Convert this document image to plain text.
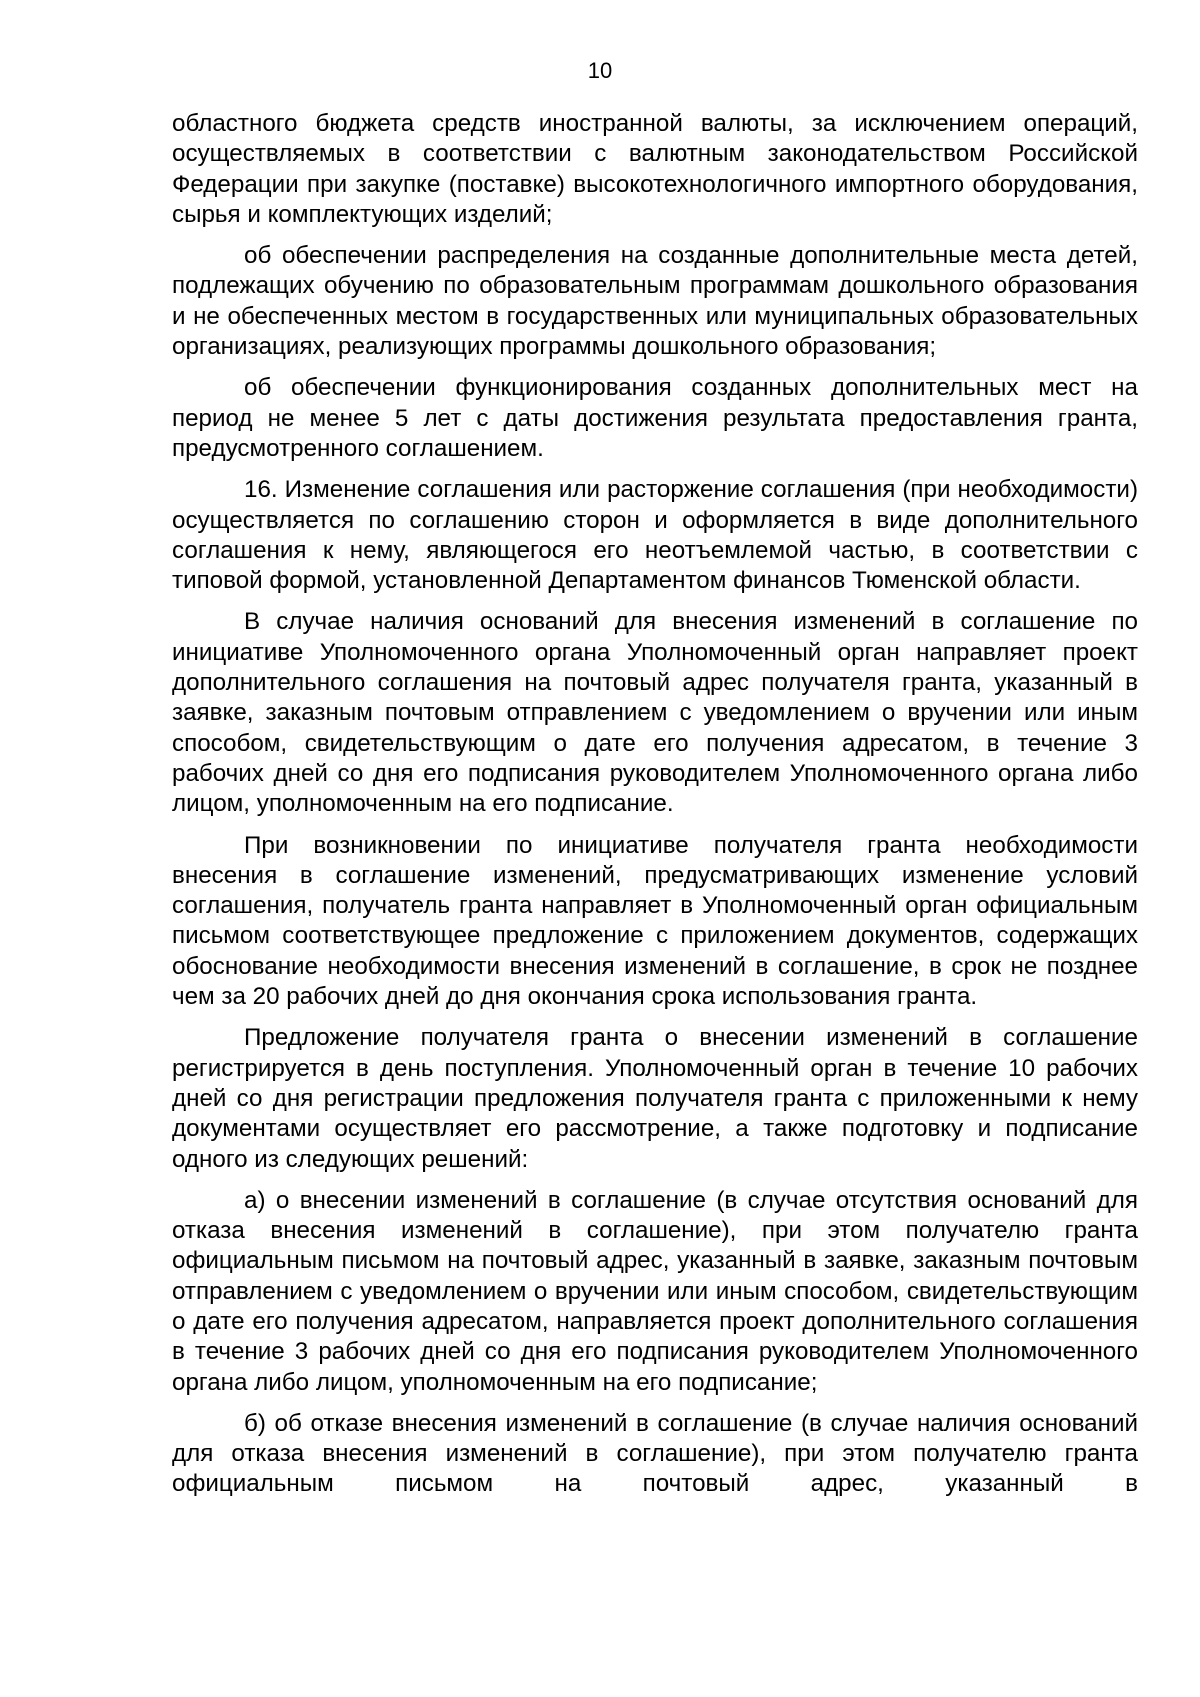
10

областного бюджета средств иностранной валюты, за исключением операций, осуществляемых в соответствии с валютным законодательством Российской Федерации при закупке (поставке) высокотехнологичного импортного оборудования, сырья и комплектующих изделий;

об обеспечении распределения на созданные дополнительные места детей, подлежащих обучению по образовательным программам дошкольного образования и не обеспеченных местом в государственных или муниципальных образовательных организациях, реализующих программы дошкольного образования;

об обеспечении функционирования созданных дополнительных мест на период не менее 5 лет с даты достижения результата предоставления гранта, предусмотренного соглашением.

16. Изменение соглашения или расторжение соглашения (при необходимости) осуществляется по соглашению сторон и оформляется в виде дополнительного соглашения к нему, являющегося его неотъемлемой частью, в соответствии с типовой формой, установленной Департаментом финансов Тюменской области.

В случае наличия оснований для внесения изменений в соглашение по инициативе Уполномоченного органа Уполномоченный орган направляет проект дополнительного соглашения на почтовый адрес получателя гранта, указанный в заявке, заказным почтовым отправлением с уведомлением о вручении или иным способом, свидетельствующим о дате его получения адресатом, в течение 3 рабочих дней со дня его подписания руководителем Уполномоченного органа либо лицом, уполномоченным на его подписание.

При возникновении по инициативе получателя гранта необходимости внесения в соглашение изменений, предусматривающих изменение условий соглашения, получатель гранта направляет в Уполномоченный орган официальным письмом соответствующее предложение с приложением документов, содержащих обоснование необходимости внесения изменений в соглашение, в срок не позднее чем за 20 рабочих дней до дня окончания срока использования гранта.

Предложение получателя гранта о внесении изменений в соглашение регистрируется в день поступления. Уполномоченный орган в течение 10 рабочих дней со дня регистрации предложения получателя гранта с приложенными к нему документами осуществляет его рассмотрение, а также подготовку и подписание одного из следующих решений:

а) о внесении изменений в соглашение (в случае отсутствия оснований для отказа внесения изменений в соглашение), при этом получателю гранта официальным письмом на почтовый адрес, указанный в заявке, заказным почтовым отправлением с уведомлением о вручении или иным способом, свидетельствующим о дате его получения адресатом, направляется проект дополнительного соглашения в течение 3 рабочих дней со дня его подписания руководителем Уполномоченного органа либо лицом, уполномоченным на его подписание;

б) об отказе внесения изменений в соглашение (в случае наличия оснований для отказа внесения изменений в соглашение), при этом получателю гранта официальным письмом на почтовый адрес, указанный в
